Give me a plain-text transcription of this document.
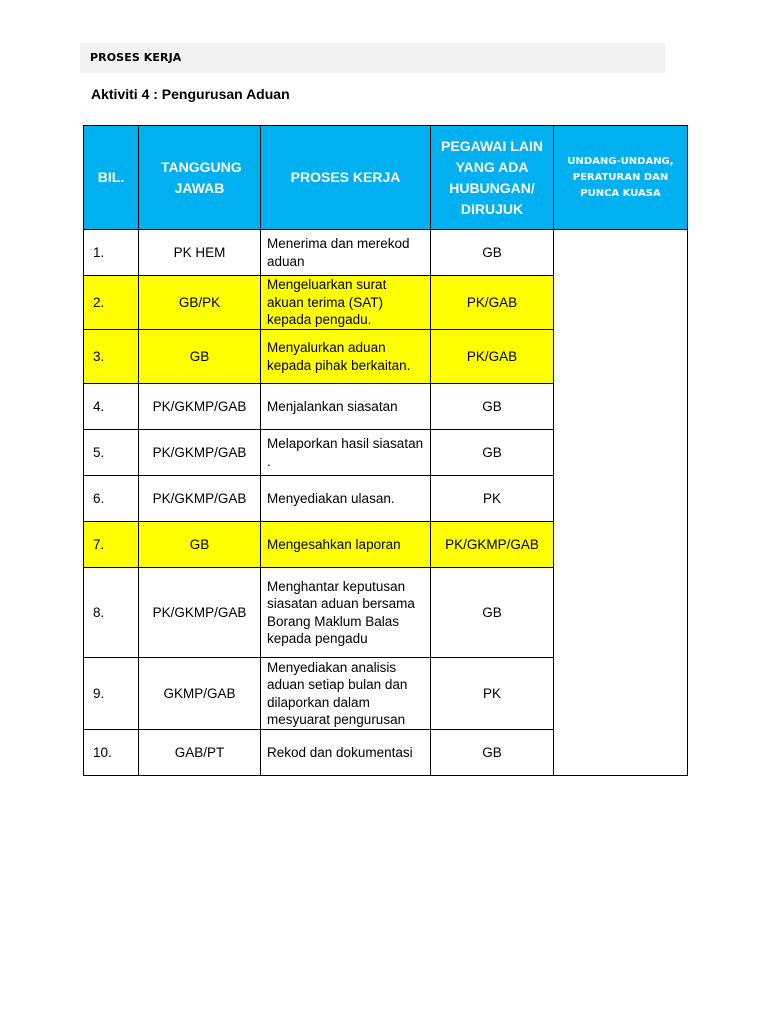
PROSES KERJA
Aktiviti 4 : Pengurusan Aduan
BIL.	TANGGUNG JAWAB	PROSES KERJA	PEGAWAI LAIN YANG ADA HUBUNGAN/ DIRUJUK	UNDANG-UNDANG, PERATURAN DAN PUNCA KUASA
1.	PK HEM	Menerima dan merekod aduan	GB	
2.	GB/PK	Mengeluarkan surat akuan terima (SAT) kepada pengadu.	PK/GAB	
3.	GB	Menyalurkan aduan kepada pihak berkaitan.	PK/GAB	
4.	PK/GKMP/GAB	Menjalankan siasatan	GB	
5.	PK/GKMP/GAB	Melaporkan hasil siasatan .	GB	
6.	PK/GKMP/GAB	Menyediakan ulasan.	PK	
7.	GB	Mengesahkan laporan	PK/GKMP/GAB	
8.	PK/GKMP/GAB	Menghantar keputusan siasatan aduan bersama Borang Maklum Balas kepada pengadu	GB	
9.	GKMP/GAB	Menyediakan analisis aduan setiap bulan dan dilaporkan dalam mesyuarat pengurusan	PK	
10.	GAB/PT	Rekod dan dokumentasi	GB	
